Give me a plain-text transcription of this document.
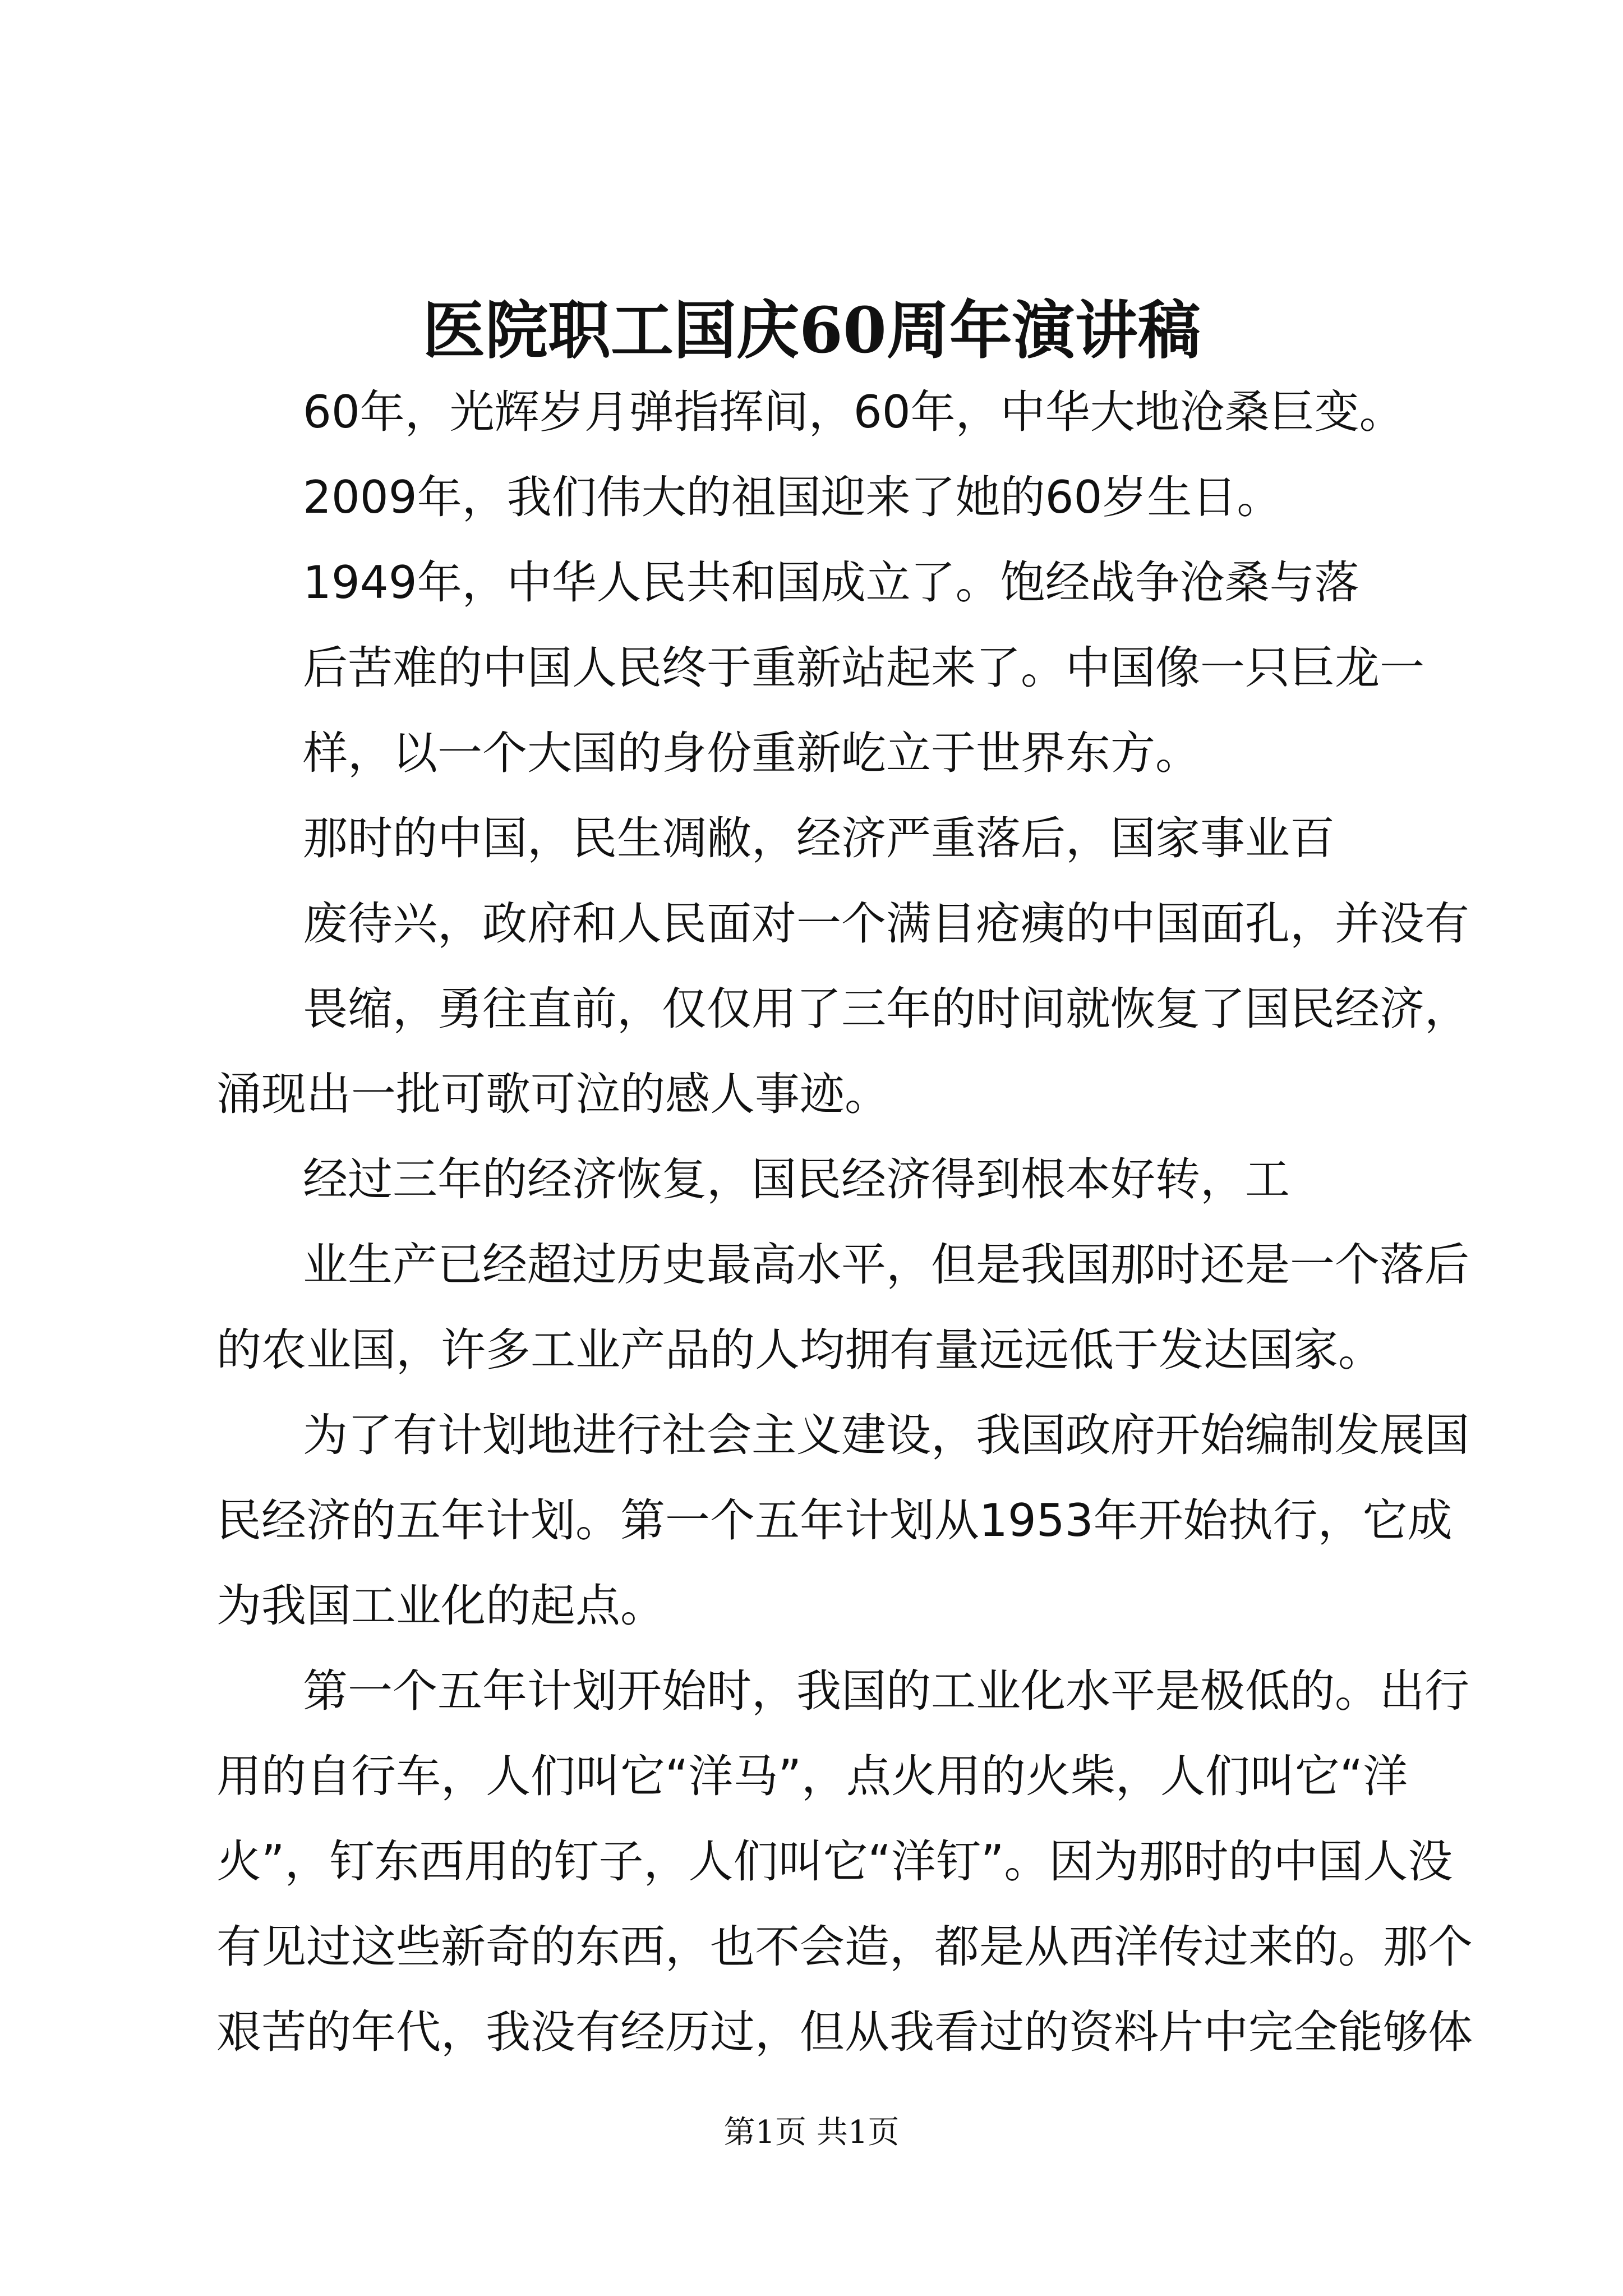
医院职工国庆60周年演讲稿
60年，光辉岁月弹指挥间，60年，中华大地沧桑巨变。
2009年，我们伟大的祖国迎来了她的60岁生日。
1949年，中华人民共和国成立了。饱经战争沧桑与落
后苦难的中国人民终于重新站起来了。中国像一只巨龙一
样，以一个大国的身份重新屹立于世界东方。
那时的中国，民生凋敝，经济严重落后，国家事业百
废待兴，政府和人民面对一个满目疮痍的中国面孔，并没有
畏缩，勇往直前，仅仅用了三年的时间就恢复了国民经济，
涌现出一批可歌可泣的感人事迹。
经过三年的经济恢复，国民经济得到根本好转，工
业生产已经超过历史最高水平，但是我国那时还是一个落后
的农业国，许多工业产品的人均拥有量远远低于发达国家。
为了有计划地进行社会主义建设，我国政府开始编制发展国
民经济的五年计划。第一个五年计划从1953年开始执行，它成
为我国工业化的起点。
第一个五年计划开始时，我国的工业化水平是极低的。出行
用的自行车，人们叫它“洋马”，点火用的火柴，人们叫它“洋
火”，钉东西用的钉子，人们叫它“洋钉”。因为那时的中国人没
有见过这些新奇的东西，也不会造，都是从西洋传过来的。那个
艰苦的年代，我没有经历过，但从我看过的资料片中完全能够体
第1页 共1页
